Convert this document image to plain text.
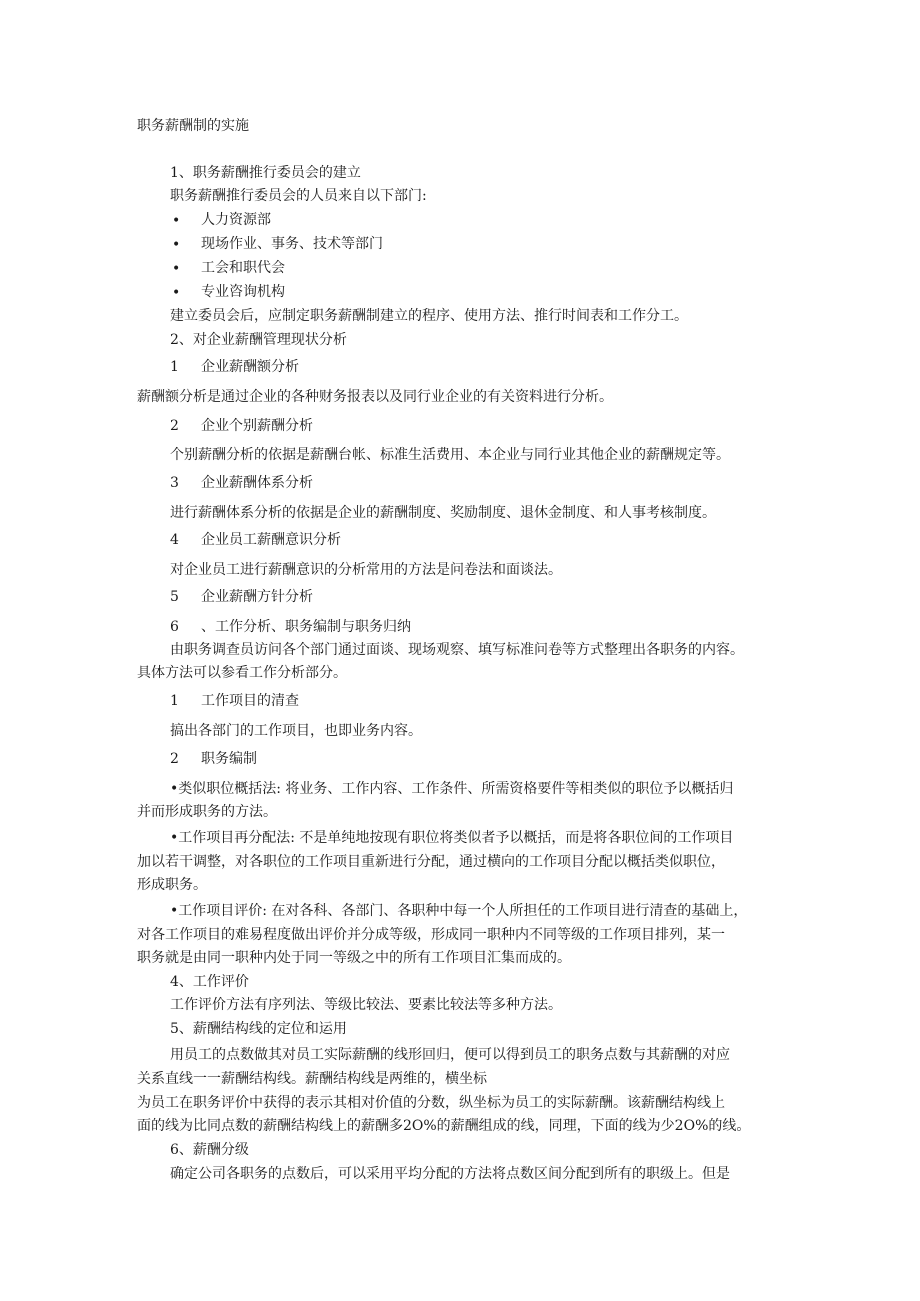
职务薪酬制的实施
1、职务薪酬推行委员会的建立
职务薪酬推行委员会的人员来自以下部门:
• 人力资源部
• 现场作业、事务、技术等部门
• 工会和职代会
• 专业咨询机构
建立委员会后，应制定职务薪酬制建立的程序、使用方法、推行时间表和工作分工。
2、对企业薪酬管理现状分析
1 企业薪酬额分析
薪酬额分析是通过企业的各种财务报表以及同行业企业的有关资料进行分析。
2 企业个别薪酬分析
个别薪酬分析的依据是薪酬台帐、标准生活费用、本企业与同行业其他企业的薪酬规定等。
3 企业薪酬体系分析
进行薪酬体系分析的依据是企业的薪酬制度、奖励制度、退休金制度、和人事考核制度。
4 企业员工薪酬意识分析
对企业员工进行薪酬意识的分析常用的方法是问卷法和面谈法。
5 企业薪酬方针分析
6 、工作分析、职务编制与职务归纳
由职务调查员访问各个部门通过面谈、现场观察、填写标准问卷等方式整理出各职务的内容。
具体方法可以参看工作分析部分。
1 工作项目的清查
搞出各部门的工作项目，也即业务内容。
2 职务编制
•类似职位概括法: 将业务、工作内容、工作条件、所需资格要件等相类似的职位予以概括归
并而形成职务的方法。
•工作项目再分配法: 不是单纯地按现有职位将类似者予以概括，而是将各职位间的工作项目
加以若干调整，对各职位的工作项目重新进行分配，通过横向的工作项目分配以概括类似职位，
形成职务。
•工作项目评价: 在对各科、各部门、各职种中每一个人所担任的工作项目进行清查的基础上，
对各工作项目的难易程度做出评价并分成等级，形成同一职种内不同等级的工作项目排列，某一
职务就是由同一职种内处于同一等级之中的所有工作项目汇集而成的。
4、工作评价
工作评价方法有序列法、等级比较法、要素比较法等多种方法。
5、薪酬结构线的定位和运用
用员工的点数做其对员工实际薪酬的线形回归，便可以得到员工的职务点数与其薪酬的对应
关系直线一一薪酬结构线。薪酬结构线是两维的，横坐标
为员工在职务评价中获得的表示其相对价值的分数，纵坐标为员工的实际薪酬。该薪酬结构线上
面的线为比同点数的薪酬结构线上的薪酬多2O%的薪酬组成的线，同理，下面的线为少2O%的线。
6、薪酬分级
确定公司各职务的点数后，可以采用平均分配的方法将点数区间分配到所有的职级上。但是
